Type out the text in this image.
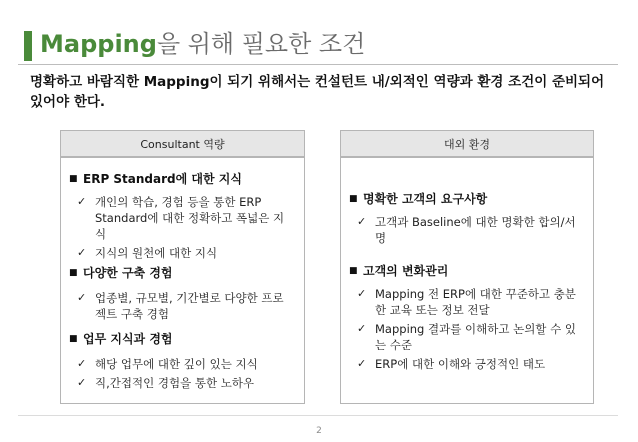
Mapping을 위해 필요한 조건
명확하고 바람직한 Mapping이 되기 위해서는 컨설턴트 내/외적인 역량과 환경 조건이 준비되어 있어야 한다.
Consultant 역량
■ ERP Standard에 대한 지식
✓ 개인의 학습, 경험 등을 통한 ERP Standard에 대한 정확하고 폭넓은 지식
✓ 지식의 원천에 대한 지식
■ 다양한 구축 경험
✓ 업종별, 규모별, 기간별로 다양한 프로젝트 구축 경험
■ 업무 지식과 경험
✓ 해당 업무에 대한 깊이 있는 지식
✓ 직,간접적인 경험을 통한 노하우
대외 환경
■ 명확한 고객의 요구사항
✓ 고객과 Baseline에 대한 명확한 합의/서명
■ 고객의 변화관리
✓ Mapping 전 ERP에 대한 꾸준하고 충분한 교육 또는 정보 전달
✓ Mapping 결과를 이해하고 논의할 수 있는 수준
✓ ERP에 대한 이해와 긍정적인 태도
2
